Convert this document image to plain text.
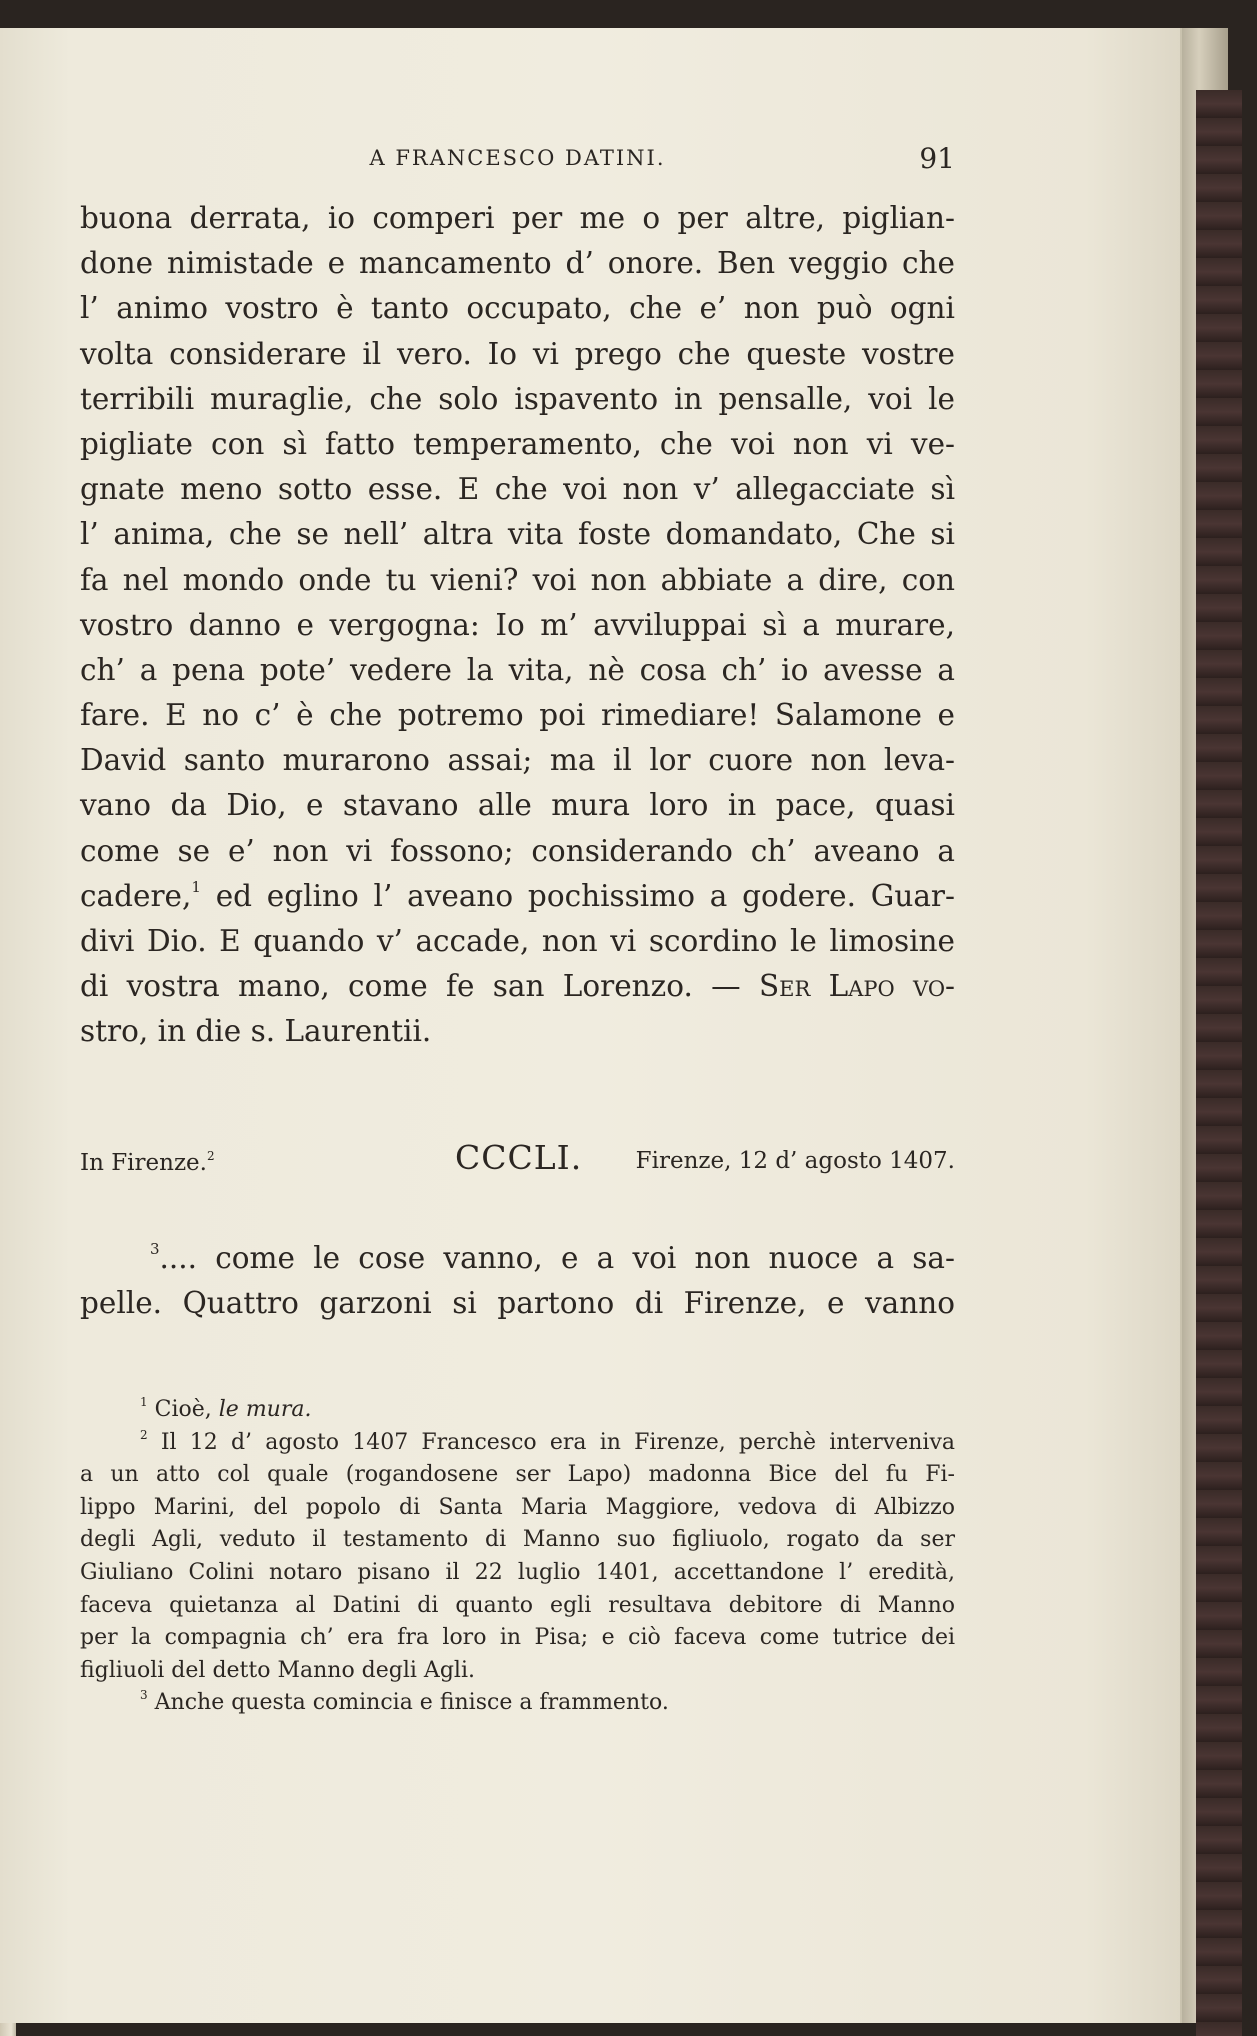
A FRANCESCO DATINI.	91
buona derrata, io comperi per me o per altre, piglian-
done nimistade e mancamento d’ onore. Ben veggio che
l’ animo vostro è tanto occupato, che e’ non può ogni
volta considerare il vero. Io vi prego che queste vostre
terribili muraglie, che solo ispavento in pensalle, voi le
pigliate con sì fatto temperamento, che voi non vi ve-
gnate meno sotto esse. E che voi non v’ allegacciate sì
l’ anima, che se nell’ altra vita foste domandato, Che si
fa nel mondo onde tu vieni? voi non abbiate a dire, con
vostro danno e vergogna: Io m’ avviluppai sì a murare,
ch’ a pena pote’ vedere la vita, nè cosa ch’ io avesse a
fare. E no c’ è che potremo poi rimediare! Salamone e
David santo murarono assai; ma il lor cuore non leva-
vano da Dio, e stavano alle mura loro in pace, quasi
come se e’ non vi fossono; considerando ch’ aveano a
cadere,$^1$ ed eglino l’ aveano pochissimo a godere. Guar-
divi Dio. E quando v’ accade, non vi scordino le limosine
di vostra mano, come fe san Lorenzo. — Ser Lapo vo-
stro, in die s. Laurentii.
In Firenze.$^2$	CCCLI. Firenze, 12 d’ agosto 1407.
$^3$.... come le cose vanno, e a voi non nuoce a sa-
pelle. Quattro garzoni si partono di Firenze, e vanno
$^1$ Cioè, le mura.
$^2$ Il 12 d’ agosto 1407 Francesco era in Firenze, perchè interveniva
a un atto col quale (rogandosene ser Lapo) madonna Bice del fu Fi-
lippo Marini, del popolo di Santa Maria Maggiore, vedova di Albizzo
degli Agli, veduto il testamento di Manno suo figliuolo, rogato da ser
Giuliano Colini notaro pisano il 22 luglio 1401, accettandone l’ eredità,
faceva quietanza al Datini di quanto egli resultava debitore di Manno
per la compagnia ch’ era fra loro in Pisa; e ciò faceva come tutrice dei
figliuoli del detto Manno degli Agli.
$^3$ Anche questa comincia e finisce a frammento.
